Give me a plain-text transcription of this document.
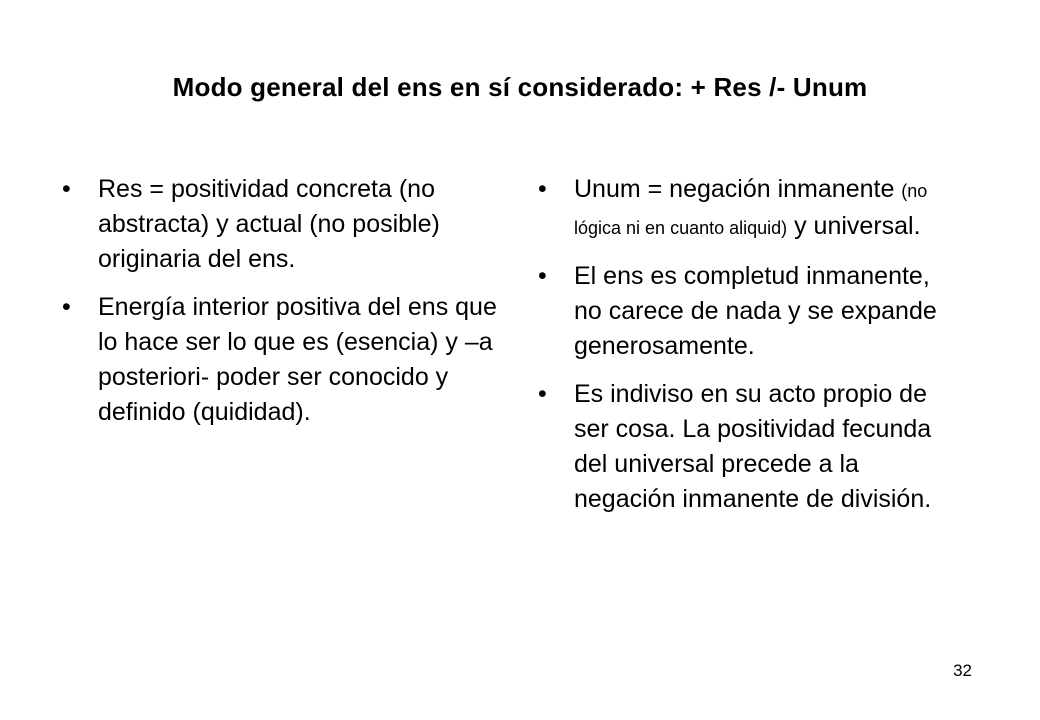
Modo general del ens en sí considerado: + Res /- Unum
• Res = positividad concreta (no abstracta) y actual (no posible) originaria del ens.
• Energía interior positiva del ens que lo hace ser lo que es (esencia) y –a posteriori- poder ser conocido y definido (quididad).
• Unum = negación inmanente (no lógica ni en cuanto aliquid) y universal.
• El ens es completud inmanente, no carece de nada y se expande generosamente.
• Es indiviso en su acto propio de ser cosa. La positividad fecunda del universal precede a la negación inmanente de división.
32
